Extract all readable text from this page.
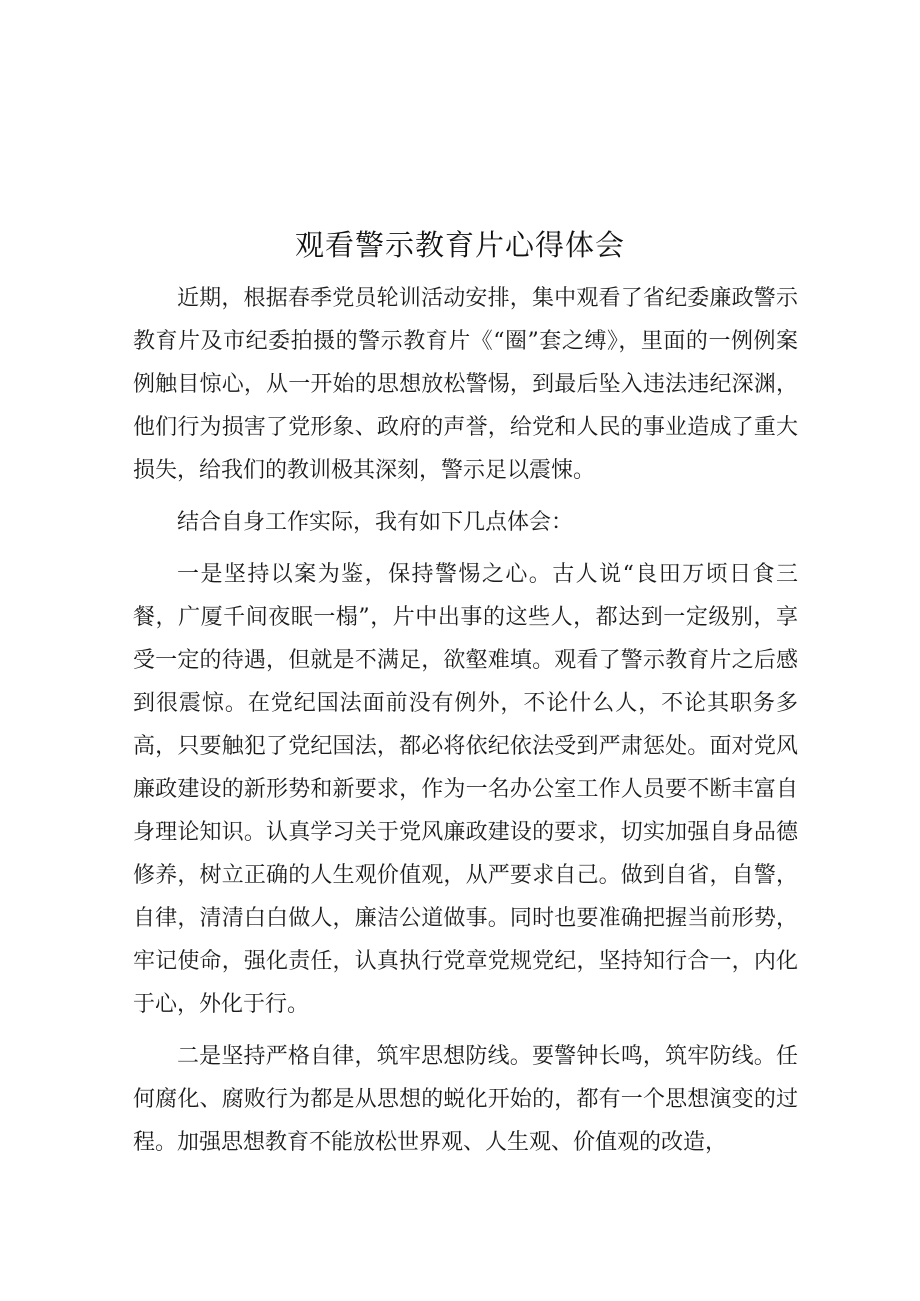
观看警示教育片心得体会

近期，根据春季党员轮训活动安排，集中观看了省纪委廉政警示教育片及市纪委拍摄的警示教育片《“圈”套之缚》，里面的一例例案例触目惊心，从一开始的思想放松警惕，到最后坠入违法违纪深渊，他们行为损害了党形象、政府的声誉，给党和人民的事业造成了重大损失，给我们的教训极其深刻，警示足以震悚。

结合自身工作实际，我有如下几点体会：

一是坚持以案为鉴，保持警惕之心。古人说“良田万顷日食三餐，广厦千间夜眠一榻”，片中出事的这些人，都达到一定级别，享受一定的待遇，但就是不满足，欲壑难填。观看了警示教育片之后感到很震惊。在党纪国法面前没有例外，不论什么人，不论其职务多高，只要触犯了党纪国法，都必将依纪依法受到严肃惩处。面对党风廉政建设的新形势和新要求，作为一名办公室工作人员要不断丰富自身理论知识。认真学习关于党风廉政建设的要求，切实加强自身品德修养，树立正确的人生观价值观，从严要求自己。做到自省，自警，自律，清清白白做人，廉洁公道做事。同时也要准确把握当前形势，牢记使命，强化责任，认真执行党章党规党纪，坚持知行合一，内化于心，外化于行。

二是坚持严格自律，筑牢思想防线。要警钟长鸣，筑牢防线。任何腐化、腐败行为都是从思想的蜕化开始的，都有一个思想演变的过程。加强思想教育不能放松世界观、人生观、价值观的改造，
